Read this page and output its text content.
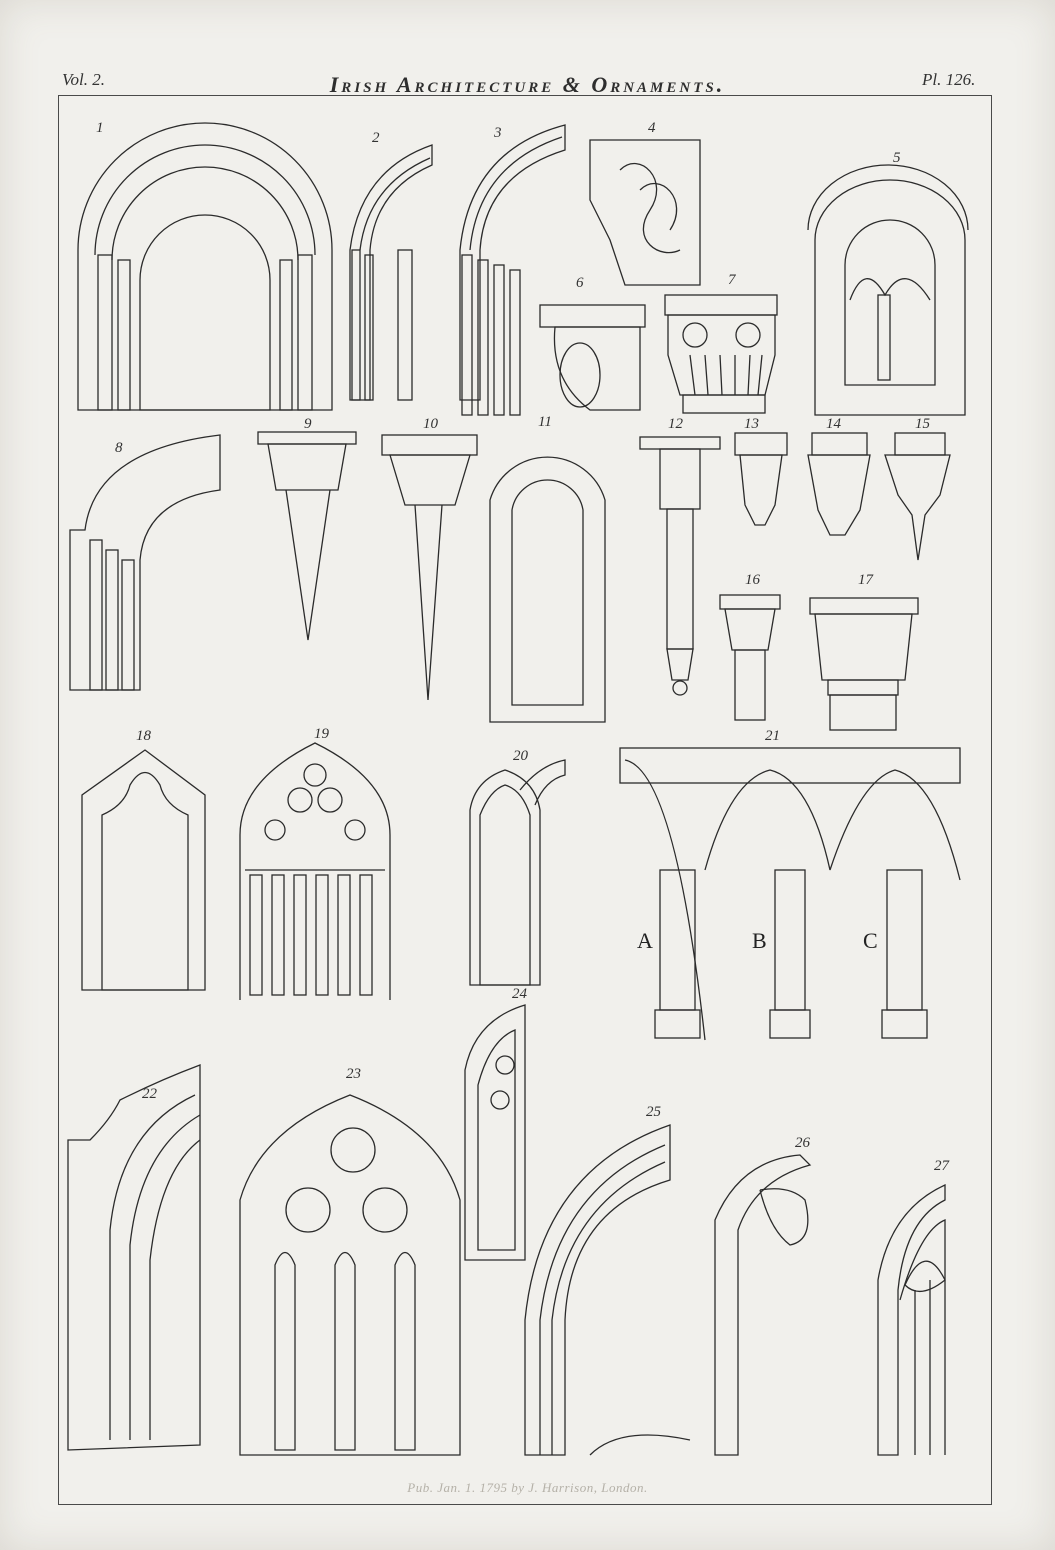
Vol. 2.	Irish Architecture & Ornaments.	Pl. 126.
1
2	3	4
5
6	7
8
9	10	11	12	13	14	15
16	17
18	19
20
21
22
23
24
25
26
27
A	B	C
Pub. Jan. 1. 1795 by J. Harrison, London.
